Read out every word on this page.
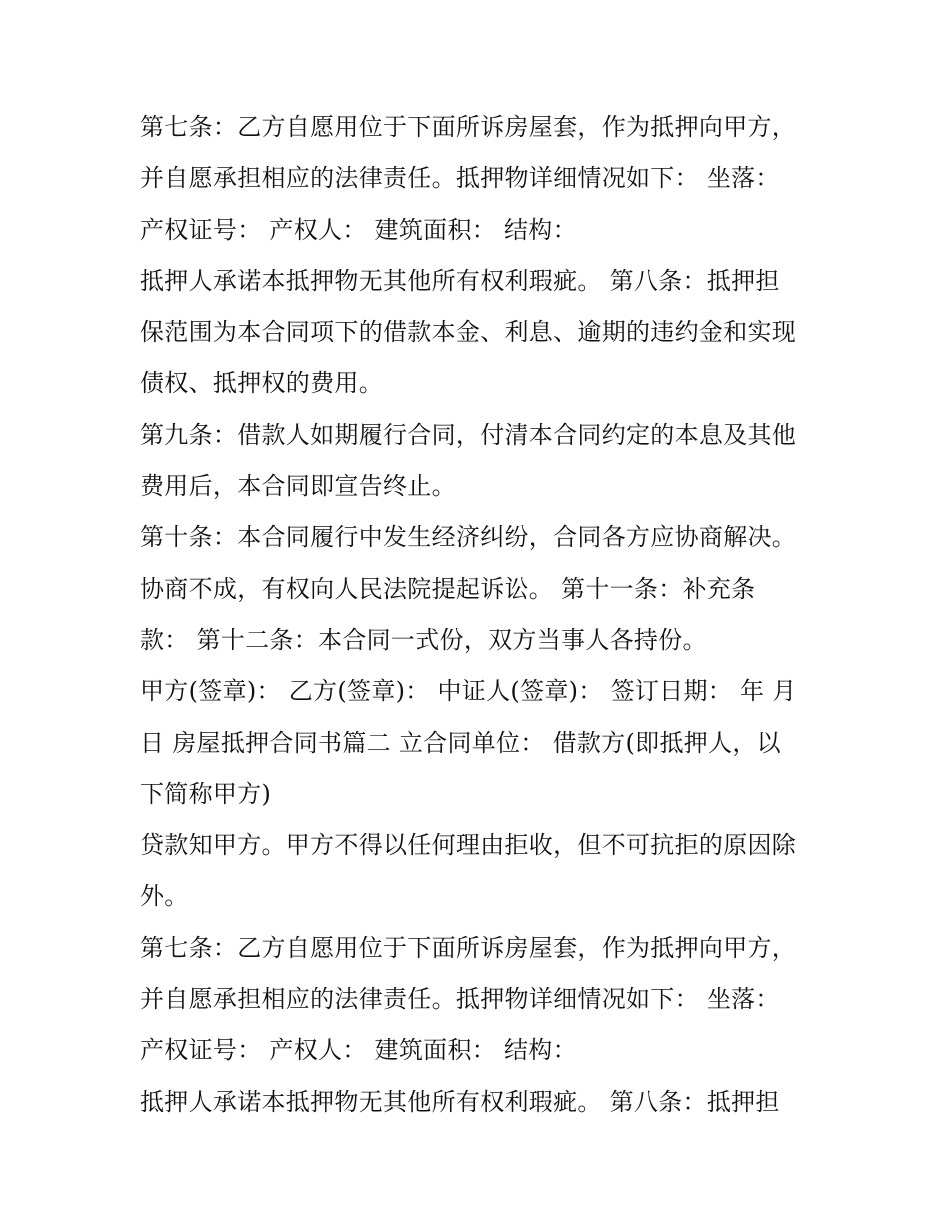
第七条：乙方自愿用位于下面所诉房屋套，作为抵押向甲方，
并自愿承担相应的法律责任。抵押物详细情况如下： 坐落：
产权证号： 产权人： 建筑面积： 结构：
抵押人承诺本抵押物无其他所有权利瑕疵。 第八条：抵押担
保范围为本合同项下的借款本金、利息、逾期的违约金和实现
债权、抵押权的费用。
第九条：借款人如期履行合同，付清本合同约定的本息及其他
费用后，本合同即宣告终止。
第十条：本合同履行中发生经济纠纷，合同各方应协商解决。
协商不成，有权向人民法院提起诉讼。 第十一条：补充条
款： 第十二条：本合同一式份，双方当事人各持份。
甲方(签章)： 乙方(签章)： 中证人(签章)： 签订日期： 年 月
日 房屋抵押合同书篇二 立合同单位： 借款方(即抵押人，以
下简称甲方)
贷款知甲方。甲方不得以任何理由拒收，但不可抗拒的原因除
外。
第七条：乙方自愿用位于下面所诉房屋套，作为抵押向甲方，
并自愿承担相应的法律责任。抵押物详细情况如下： 坐落：
产权证号： 产权人： 建筑面积： 结构：
抵押人承诺本抵押物无其他所有权利瑕疵。 第八条：抵押担
